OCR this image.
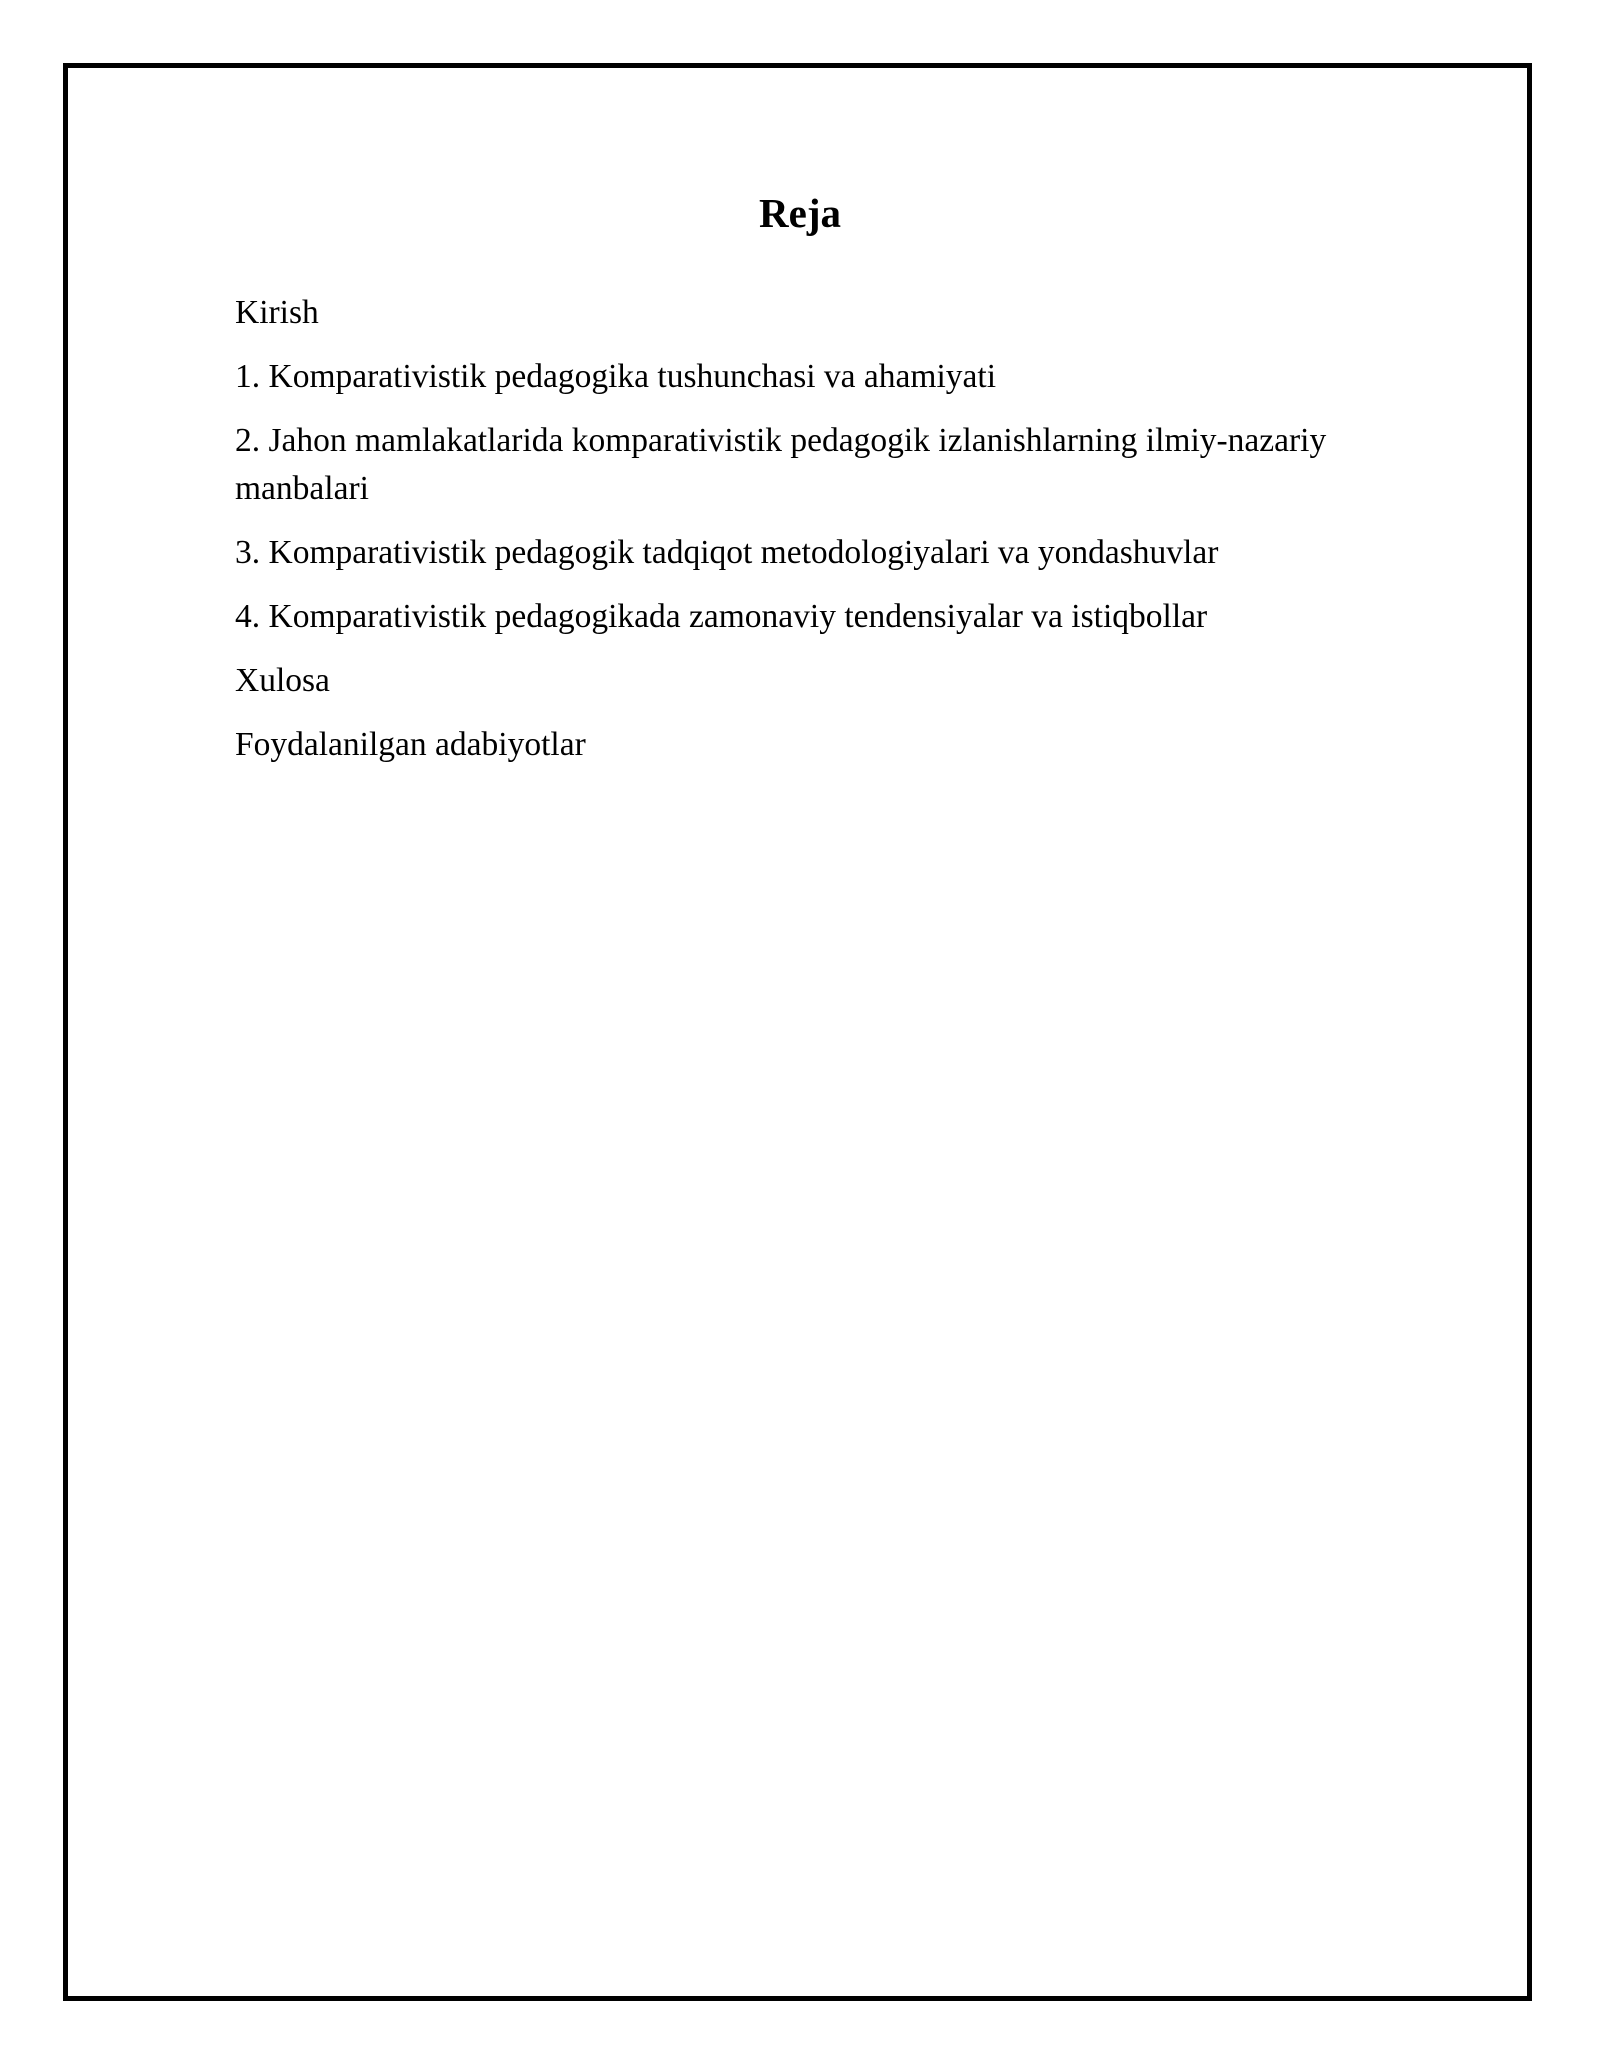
Reja
Kirish
1. Komparativistik pedagogika tushunchasi va ahamiyati
2. Jahon mamlakatlarida komparativistik pedagogik izlanishlarning ilmiy-nazariy manbalari
3. Komparativistik pedagogik tadqiqot metodologiyalari va yondashuvlar
4. Komparativistik pedagogikada zamonaviy tendensiyalar va istiqbollar
Xulosa
Foydalanilgan adabiyotlar
